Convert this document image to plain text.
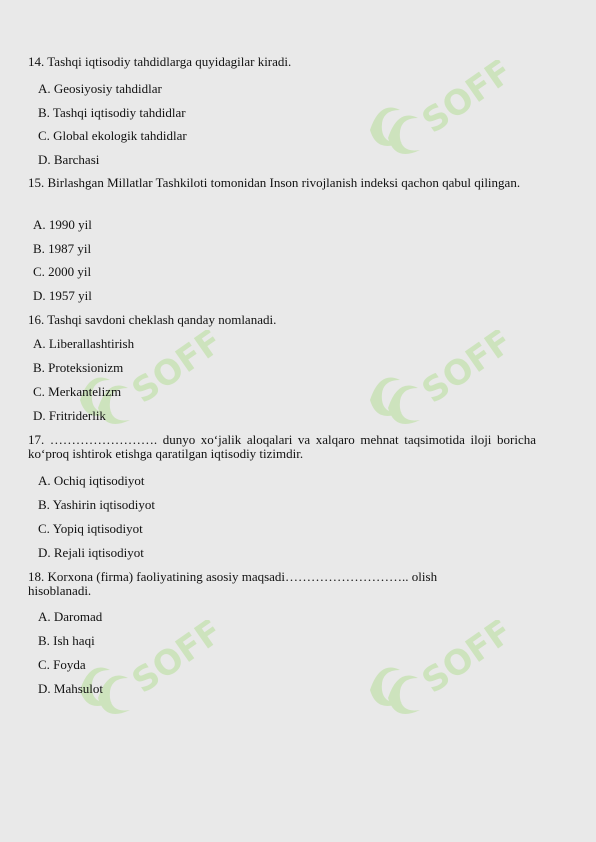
SOFF
SOFF	SOFF
SOFF	SOFF
14. Tashqi iqtisodiy tahdidlarga quyidagilar kiradi.
A. Geosiyosiy tahdidlar
B. Tashqi iqtisodiy tahdidlar
C. Global ekologik tahdidlar
D. Barchasi
15. Birlashgan Millatlar Tashkiloti tomonidan Inson rivojlanish indeksi qachon qabul qilingan.
A. 1990 yil
B. 1987 yil
C. 2000 yil
D. 1957 yil
16. Tashqi savdoni cheklash qanday nomlanadi.
A. Liberallashtirish
B. Proteksionizm
C. Merkantelizm
D. Fritriderlik
17. ……………………. dunyo xo‘jalik aloqalari va xalqaro mehnat taqsimotida iloji boricha ko‘proq ishtirok etishga qaratilgan iqtisodiy tizimdir.
A. Ochiq iqtisodiyot
B. Yashirin iqtisodiyot
C. Yopiq iqtisodiyot
D. Rejali iqtisodiyot
18. Korxona (firma) faoliyatining asosiy maqsadi……………………….. olish hisoblanadi.
A. Daromad
B. Ish haqi
C. Foyda
D. Mahsulot
